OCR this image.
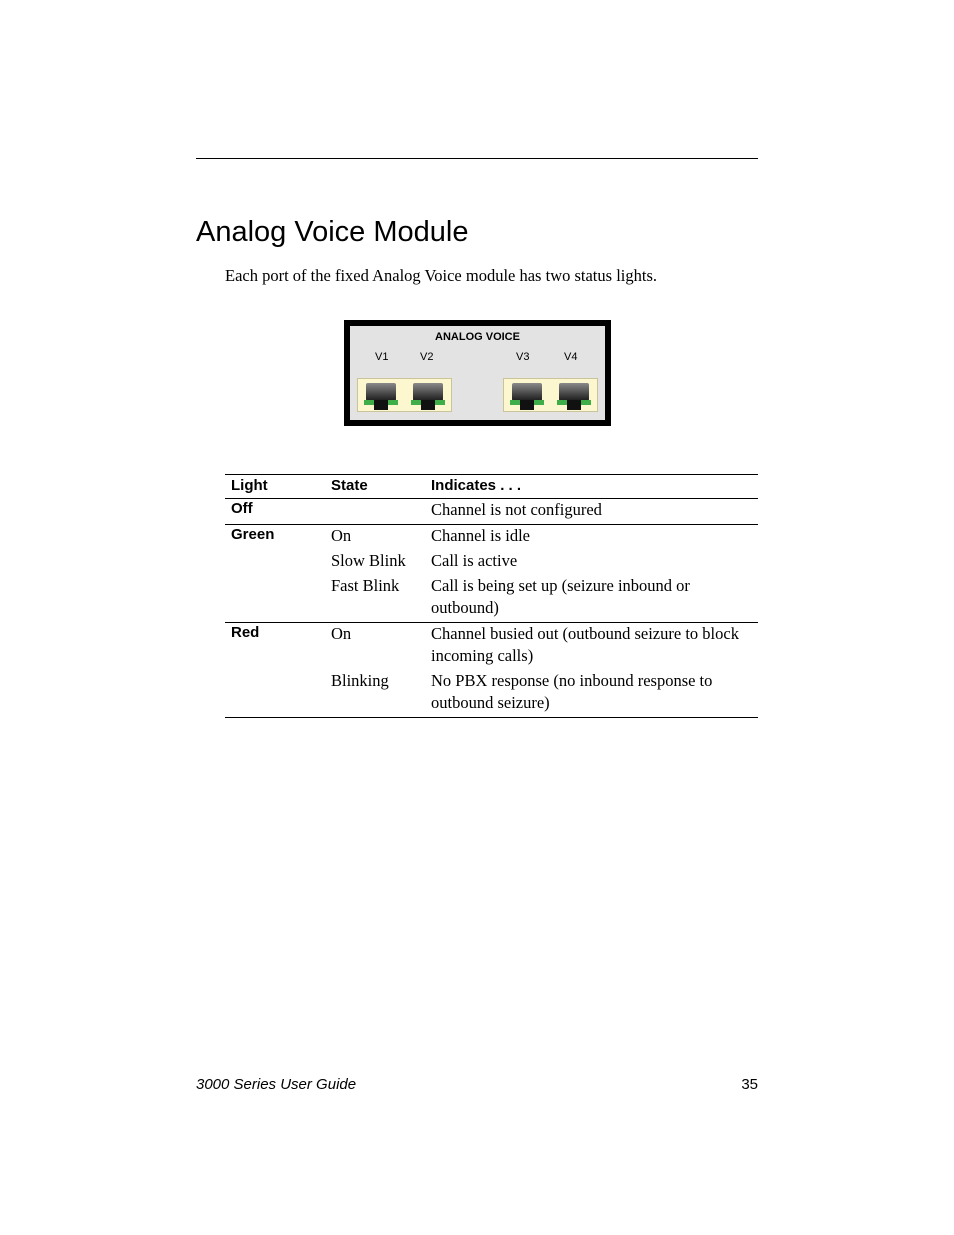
Analog Voice Module

Each port of the fixed Analog Voice module has two status lights.

ANALOG VOICE
V1	V2	V3	V4
Light	State	Indicates . . .
Off		Channel is not configured
Green	On	Channel is idle
	Slow Blink	Call is active
	Fast Blink	Call is being set up (seizure inbound or outbound)
Red	On	Channel busied out (outbound seizure to block incoming calls)
	Blinking	No PBX response (no inbound response to outbound seizure)
3000 Series User Guide	35
